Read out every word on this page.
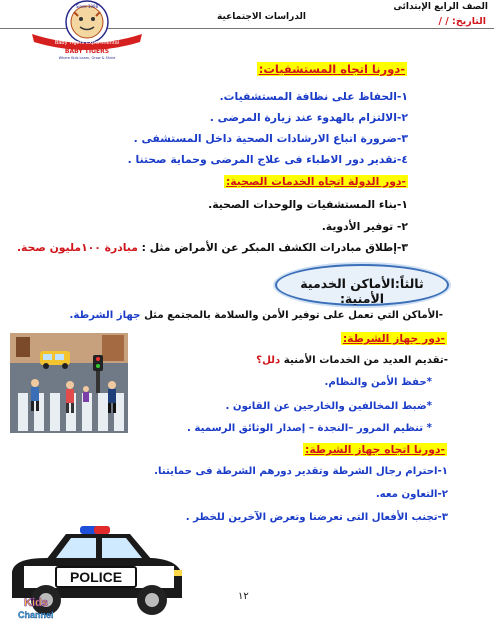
الصف الرابع الإبتدائى
الدراسات الاجتماعية	التاريخ: / /
Baby Tigers Experimental
BABY TIGERS
Where Kids Learn, Grow & Shine
Since 1998
-دورنا اتجاه المستشفيات:
١-الحفاظ على نظافة المستشفيات.
٢-الالتزام بالهدوء عند زيارة المرضى .
٣-ضرورة اتباع الارشادات الصحية داخل المستشفى .
٤-تقدير دور الاطباء فى علاج المرضى وحماية صحتنا .
-دور الدولة اتجاه الخدمات الصحية:
١-بناء المستشفيات والوحدات الصحية.
٢- توفير الأدوية.
٣-إطلاق مبادرات الكشف المبكر عن الأمراض مثل : مبادرة ١٠٠مليون صحة.
ثالثاً:الأماكن الخدمية الأمنية:
-الأماكن التي تعمل على توفير الأمن والسلامة بالمجتمع مثل جهاز الشرطة.
-دور جهاز الشرطة:
-تقديم العديد من الخدمات الأمنية دلل؟
*حفظ الأمن والنظام.
*ضبط المخالفين والخارجين عن القانون .
* تنظيم المرور –النجدة – إصدار الوثائق الرسمية .
-دورنا اتجاه جهاز الشرطة:
١-احترام رجال الشرطة وتقدير دورهم الشرطة فى حمايتنا.
٢-التعاون معه.
٣-تجنب الأفعال التى تعرضنا وتعرض الآخرين للخطر .
POLICE
Kids
Channel
١٢
